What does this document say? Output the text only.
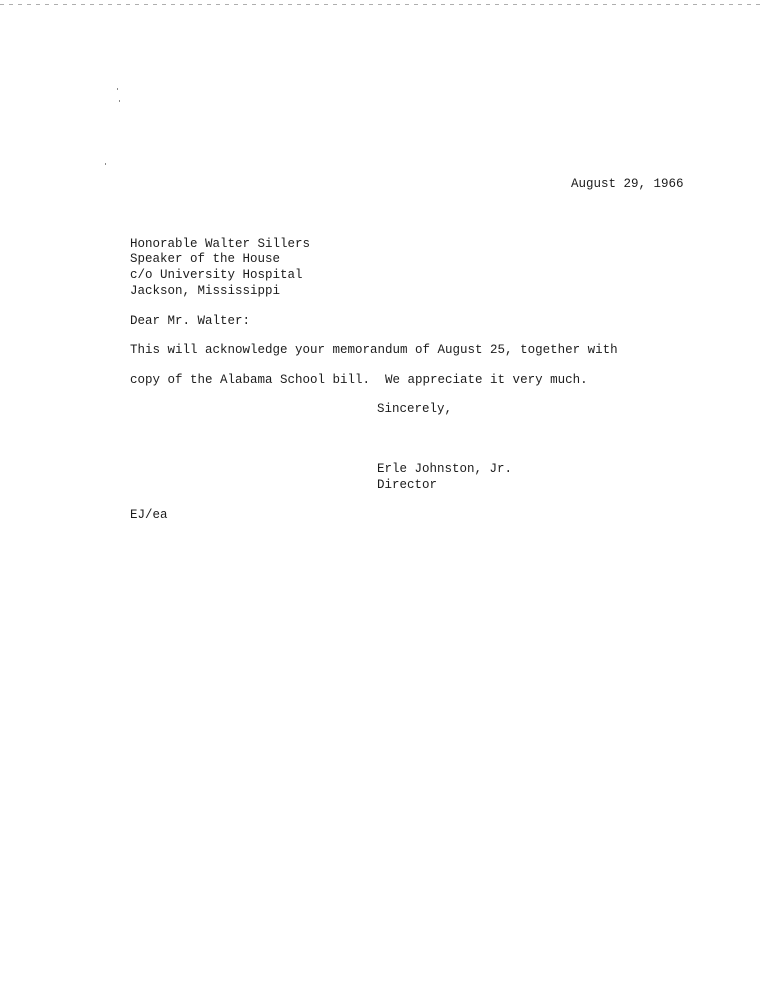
August 29, 1966
Honorable Walter Sillers
Speaker of the House
c/o University Hospital
Jackson, Mississippi
Dear Mr. Walter:
This will acknowledge your memorandum of August 25, together with
copy of the Alabama School bill.  We appreciate it very much.
Sincerely,
Erle Johnston, Jr.
Director
EJ/ea
